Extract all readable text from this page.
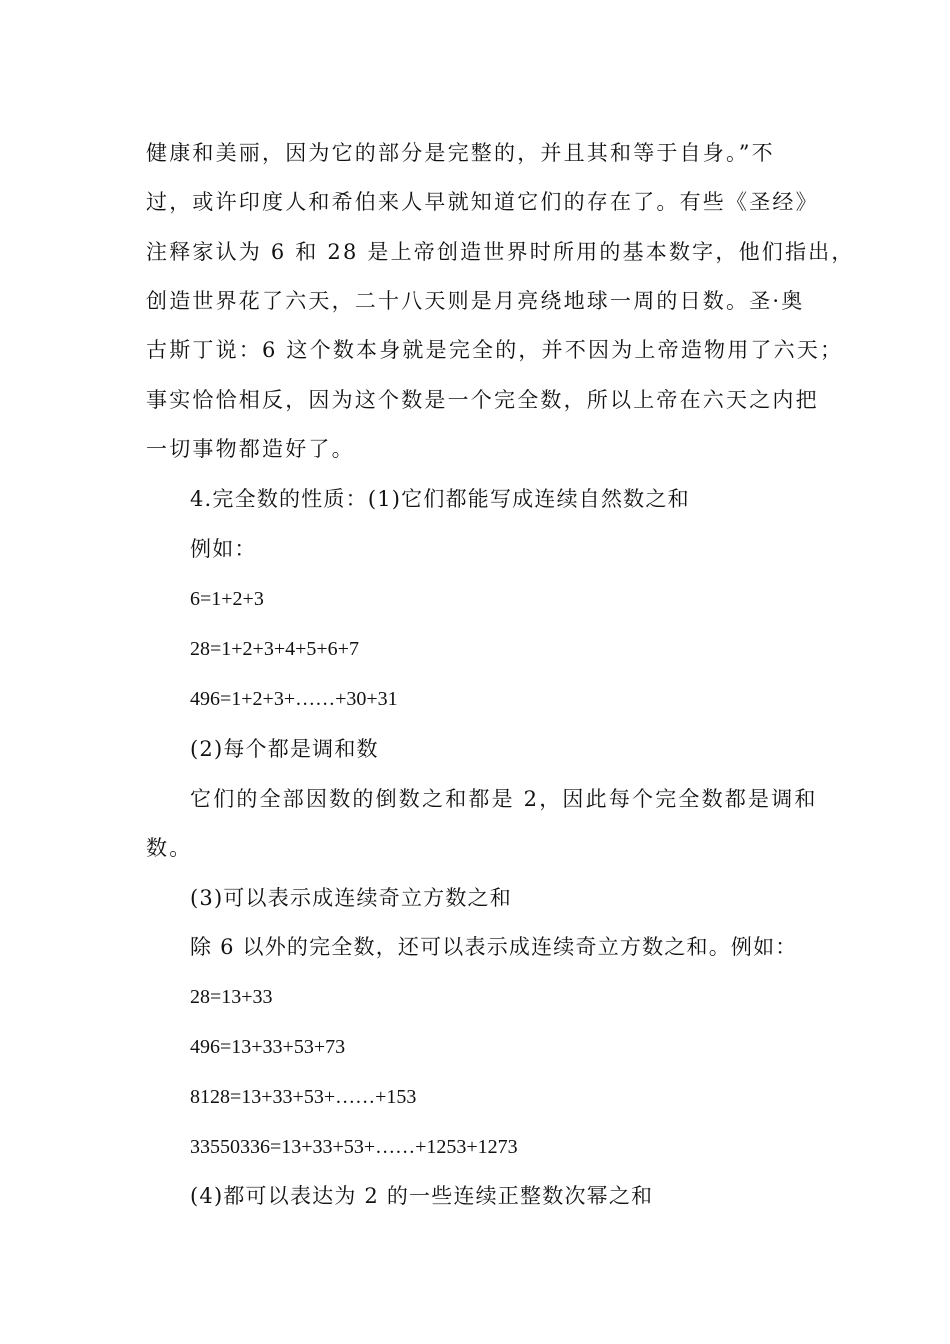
健康和美丽，因为它的部分是完整的，并且其和等于自身。”不
过，或许印度人和希伯来人早就知道它们的存在了。有些《圣经》
注释家认为 6 和 28 是上帝创造世界时所用的基本数字，他们指出，
创造世界花了六天，二十八天则是月亮绕地球一周的日数。圣·奥
古斯丁说：6 这个数本身就是完全的，并不因为上帝造物用了六天；
事实恰恰相反，因为这个数是一个完全数，所以上帝在六天之内把
一切事物都造好了。
4.完全数的性质：(1)它们都能写成连续自然数之和
例如：
6=1+2+3
28=1+2+3+4+5+6+7
496=1+2+3+……+30+31
(2)每个都是调和数
它们的全部因数的倒数之和都是 2，因此每个完全数都是调和
数。
(3)可以表示成连续奇立方数之和
除 6 以外的完全数，还可以表示成连续奇立方数之和。例如：
28=13+33
496=13+33+53+73
8128=13+33+53+……+153
33550336=13+33+53+……+1253+1273
(4)都可以表达为 2 的一些连续正整数次幂之和
